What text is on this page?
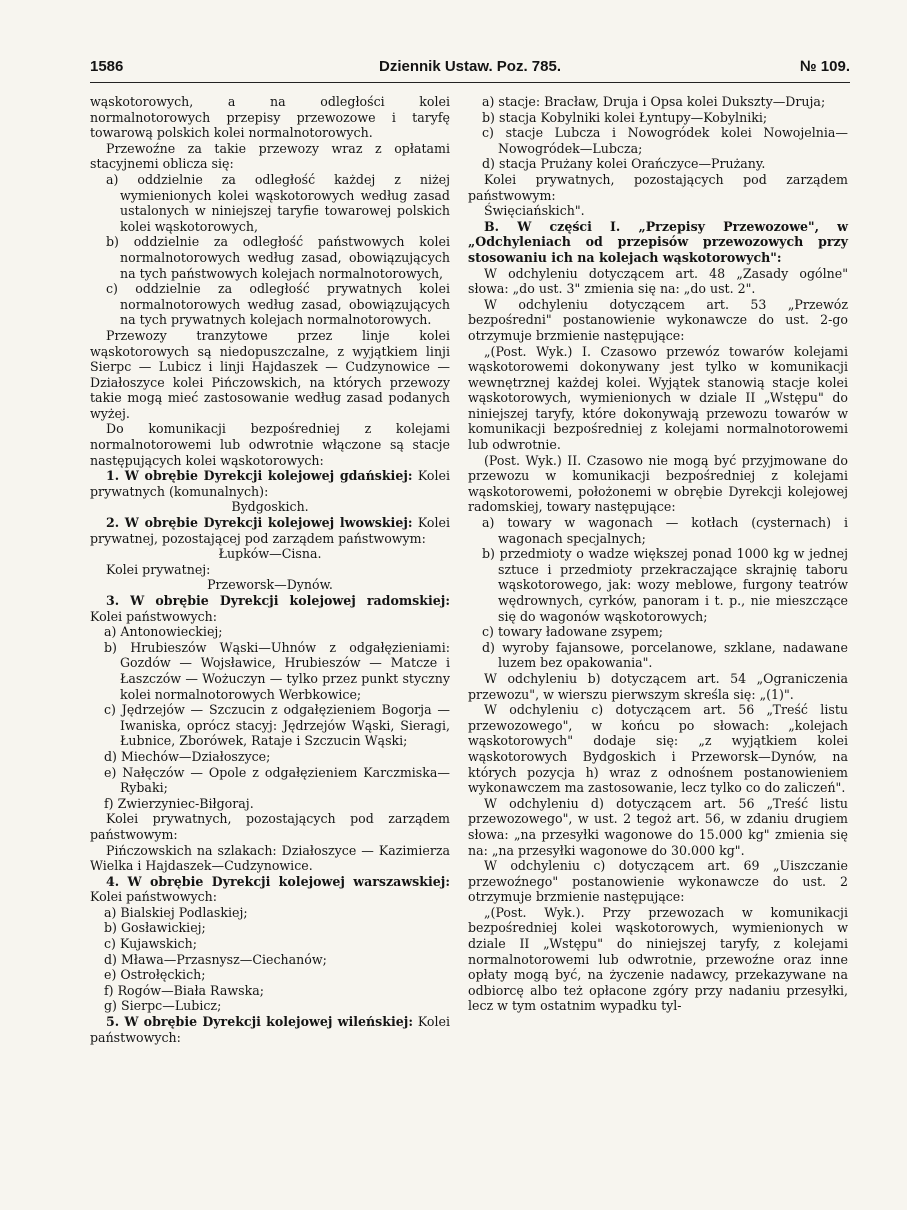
Dziennik Ustaw. Poz. 785.
1586	№ 109.

wąskotorowych, a na odległości kolei normalnotorowych przepisy przewozowe i taryfę towarową polskich kolei normalnotorowych.

Przewoźne za takie przewozy wraz z opłatami stacyjnemi oblicza się:

a) oddzielnie za odległość każdej z niżej wymienionych kolei wąskotorowych według zasad ustalonych w niniejszej taryfie towarowej polskich kolei wąskotorowych,

b) oddzielnie za odległość państwowych kolei normalnotorowych według zasad, obowiązujących na tych państwowych kolejach normalnotorowych,

c) oddzielnie za odległość prywatnych kolei normalnotorowych według zasad, obowiązujących na tych prywatnych kolejach normalnotorowych.

Przewozy tranzytowe przez linje kolei wąskotorowych są niedopuszczalne, z wyjątkiem linji Sierpc — Lubicz i linji Hajdaszek — Cudzynowice — Działoszyce kolei Pińczowskich, na których przewozy takie mogą mieć zastosowanie według zasad podanych wyżej.

Do komunikacji bezpośredniej z kolejami normalnotorowemi lub odwrotnie włączone są stacje następujących kolei wąskotorowych:

1. W obrębie Dyrekcji kolejowej gdańskiej: Kolei prywatnych (komunalnych):

Bydgoskich.

2. W obrębie Dyrekcji kolejowej lwowskiej: Kolei prywatnej, pozostającej pod zarządem państwowym:

Łupków—Cisna.

Kolei prywatnej:

Przeworsk—Dynów.

3. W obrębie Dyrekcji kolejowej radomskiej: Kolei państwowych:

a) Antonowieckiej;

b) Hrubieszów Wąski—Uhnów z odgałęzieniami: Gozdów — Wojsławice, Hrubieszów — Matcze i Łaszczów — Wożuczyn — tylko przez punkt styczny kolei normalnotorowych Werbkowice;

c) Jędrzejów — Szczucin z odgałęzieniem Bogorja — Iwaniska, oprócz stacyj: Jędrzejów Wąski, Sieragi, Łubnice, Zborówek, Rataje i Szczucin Wąski;

d) Miechów—Działoszyce;

e) Nałęczów — Opole z odgałęzieniem Karczmiska—Rybaki;

f) Zwierzyniec-Biłgoraj.

Kolei prywatnych, pozostających pod zarządem państwowym:

Pińczowskich na szlakach: Działoszyce — Kazimierza Wielka i Hajdaszek—Cudzynowice.

4. W obrębie Dyrekcji kolejowej warszawskiej: Kolei państwowych:

a) Bialskiej Podlaskiej;

b) Gosławickiej;

c) Kujawskich;

d) Mława—Przasnysz—Ciechanów;

e) Ostrołęckich;

f) Rogów—Biała Rawska;

g) Sierpc—Lubicz;

5. W obrębie Dyrekcji kolejowej wileńskiej: Kolei państwowych:

a) stacje: Bracław, Druja i Opsa kolei Dukszty—Druja;

b) stacja Kobylniki kolei Łyntupy—Kobylniki;

c) stacje Lubcza i Nowogródek kolei Nowojelnia—Nowogródek—Lubcza;

d) stacja Prużany kolei Orańczyce—Prużany.

Kolei prywatnych, pozostających pod zarządem państwowym:

Święciańskich".

B. W części I. „Przepisy Przewozowe", w „Odchyleniach od przepisów przewozowych przy stosowaniu ich na kolejach wąskotorowych":

W odchyleniu dotyczącem art. 48 „Zasady ogólne" słowa: „do ust. 3" zmienia się na: „do ust. 2".

W odchyleniu dotyczącem art. 53 „Przewóz bezpośredni" postanowienie wykonawcze do ust. 2-go otrzymuje brzmienie następujące:

„(Post. Wyk.) I. Czasowo przewóz towarów kolejami wąskotorowemi dokonywany jest tylko w komunikacji wewnętrznej każdej kolei. Wyjątek stanowią stacje kolei wąskotorowych, wymienionych w dziale II „Wstępu" do niniejszej taryfy, które dokonywają przewozu towarów w komunikacji bezpośredniej z kolejami normalnotorowemi lub odwrotnie.

(Post. Wyk.) II. Czasowo nie mogą być przyjmowane do przewozu w komunikacji bezpośredniej z kolejami wąskotorowemi, położonemi w obrębie Dyrekcji kolejowej radomskiej, towary następujące:

a) towary w wagonach — kotłach (cysternach) i wagonach specjalnych;

b) przedmioty o wadze większej ponad 1000 kg w jednej sztuce i przedmioty przekraczające skrajnię taboru wąskotorowego, jak: wozy meblowe, furgony teatrów wędrownych, cyrków, panoram i t. p., nie mieszczące się do wagonów wąskotorowych;

c) towary ładowane zsypem;

d) wyroby fajansowe, porcelanowe, szklane, nadawane luzem bez opakowania".

W odchyleniu b) dotyczącem art. 54 „Ograniczenia przewozu", w wierszu pierwszym skreśla się: „(1)".

W odchyleniu c) dotyczącem art. 56 „Treść listu przewozowego", w końcu po słowach: „kolejach wąskotorowych" dodaje się: „z wyjątkiem kolei wąskotorowych Bydgoskich i Przeworsk—Dynów, na których pozycja h) wraz z odnośnem postanowieniem wykonawczem ma zastosowanie, lecz tylko co do zaliczeń".

W odchyleniu d) dotyczącem art. 56 „Treść listu przewozowego", w ust. 2 tegoż art. 56, w zdaniu drugiem słowa: „na przesyłki wagonowe do 15.000 kg" zmienia się na: „na przesyłki wagonowe do 30.000 kg".

W odchyleniu c) dotyczącem art. 69 „Uiszczanie przewoźnego" postanowienie wykonawcze do ust. 2 otrzymuje brzmienie następujące:

„(Post. Wyk.). Przy przewozach w komunikacji bezpośredniej kolei wąskotorowych, wymienionych w dziale II „Wstępu" do niniejszej taryfy, z kolejami normalnotorowemi lub odwrotnie, przewoźne oraz inne opłaty mogą być, na życzenie nadawcy, przekazywane na odbiorcę albo też opłacone zgóry przy nadaniu przesyłki, lecz w tym ostatnim wypadku tyl-
